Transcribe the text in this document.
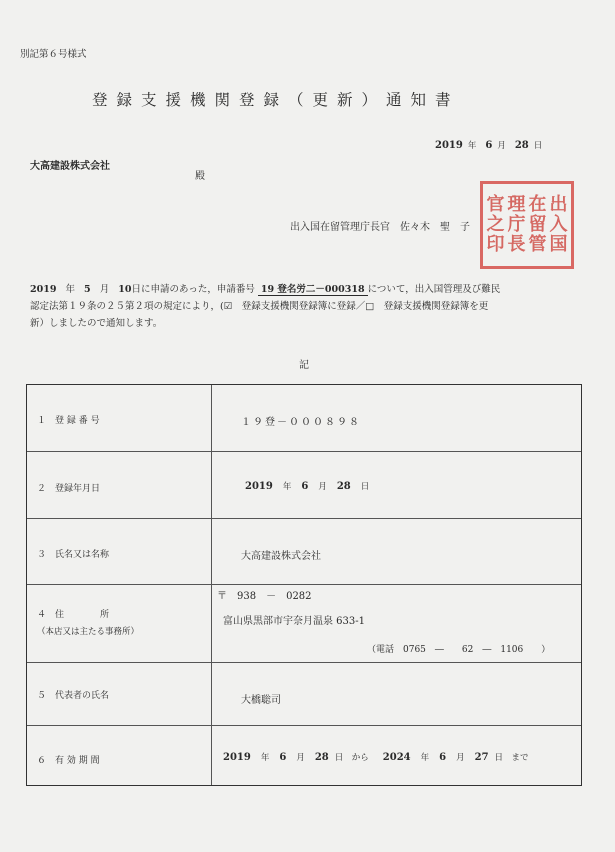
別記第６号様式
登録支援機関登録（更新）通知書
2019 年 6 月 28 日
大高建設株式会社
殿
出入国在留管理庁長官　佐々木　聖　子
出
入
国
在
留
管
理
庁
長
官
之
印
2019 年 5 月 10日に申請のあった，申請番号 19 登名労二－000318 について，出入国管理及び難民
認定法第１９条の２５第２項の規定により，(☑　登録支援機関登録簿に登録／□　登録支援機関登録簿を更
新）しましたので通知します。
記
１　登 録 番 号	１９登－０００８９８
２　登録年月日	2019 年 6 月 28 日
３　氏名又は名称	大高建設株式会社
４　住　　　　所
（本店又は主たる事務所）
〒　938　－　0282
富山県黒部市宇奈月温泉 633-1
（電話　0765　―　　62　―　1106　　）
５　代表者の氏名	大橋聡司
６　有 効 期 間	2019 年 6 月 28 日　から 2024 年 6 月 27 日　まで
